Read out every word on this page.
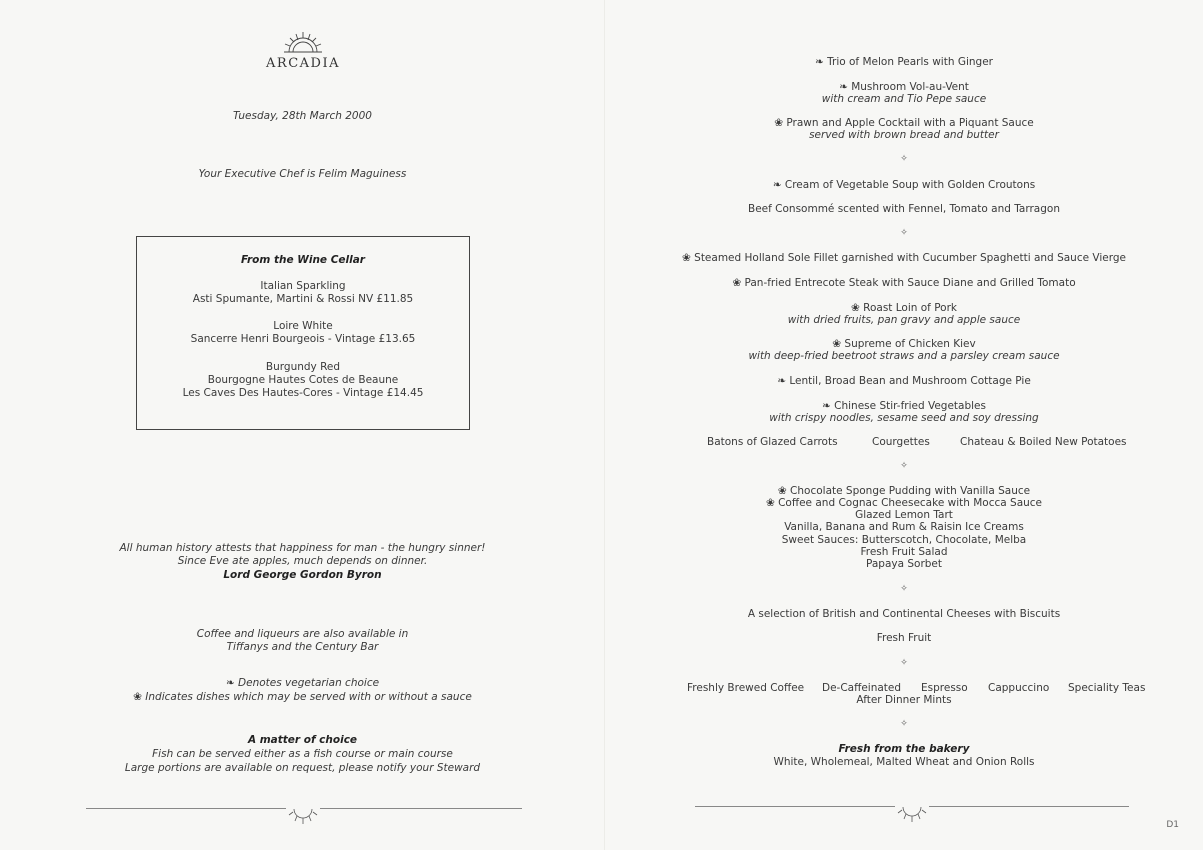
ARCADIA
Tuesday, 28th March 2000
Your Executive Chef is Felim Maguiness
From the Wine Cellar
Italian Sparkling
Asti Spumante, Martini & Rossi NV £11.85
Loire White
Sancerre Henri Bourgeois - Vintage £13.65
Burgundy Red
Bourgogne Hautes Cotes de Beaune
Les Caves Des Hautes-Cores - Vintage £14.45
All human history attests that happiness for man - the hungry sinner!
Since Eve ate apples, much depends on dinner.
Lord George Gordon Byron
Coffee and liqueurs are also available in
Tiffanys and the Century Bar
❧ Denotes vegetarian choice
❀ Indicates dishes which may be served with or without a sauce
A matter of choice
Fish can be served either as a fish course or main course
Large portions are available on request, please notify your Steward
❧ Trio of Melon Pearls with Ginger
❧ Mushroom Vol-au-Vent
with cream and Tio Pepe sauce
❀ Prawn and Apple Cocktail with a Piquant Sauce
served with brown bread and butter
✧
❧ Cream of Vegetable Soup with Golden Croutons
Beef Consommé scented with Fennel, Tomato and Tarragon
✧
❀ Steamed Holland Sole Fillet garnished with Cucumber Spaghetti and Sauce Vierge
❀ Pan-fried Entrecote Steak with Sauce Diane and Grilled Tomato
❀ Roast Loin of Pork
with dried fruits, pan gravy and apple sauce
❀ Supreme of Chicken Kiev
with deep-fried beetroot straws and a parsley cream sauce
❧ Lentil, Broad Bean and Mushroom Cottage Pie
❧ Chinese Stir-fried Vegetables
with crispy noodles, sesame seed and soy dressing
Batons of Glazed Carrots	Courgettes	Chateau & Boiled New Potatoes
✧
❀ Chocolate Sponge Pudding with Vanilla Sauce
❀ Coffee and Cognac Cheesecake with Mocca Sauce
Glazed Lemon Tart
Vanilla, Banana and Rum & Raisin Ice Creams
Sweet Sauces: Butterscotch, Chocolate, Melba
Fresh Fruit Salad
Papaya Sorbet
✧
A selection of British and Continental Cheeses with Biscuits
Fresh Fruit
✧
Freshly Brewed Coffee De-Caffeinated Espresso Cappuccino Speciality Teas
After Dinner Mints
✧
Fresh from the bakery
White, Wholemeal, Malted Wheat and Onion Rolls
D1
